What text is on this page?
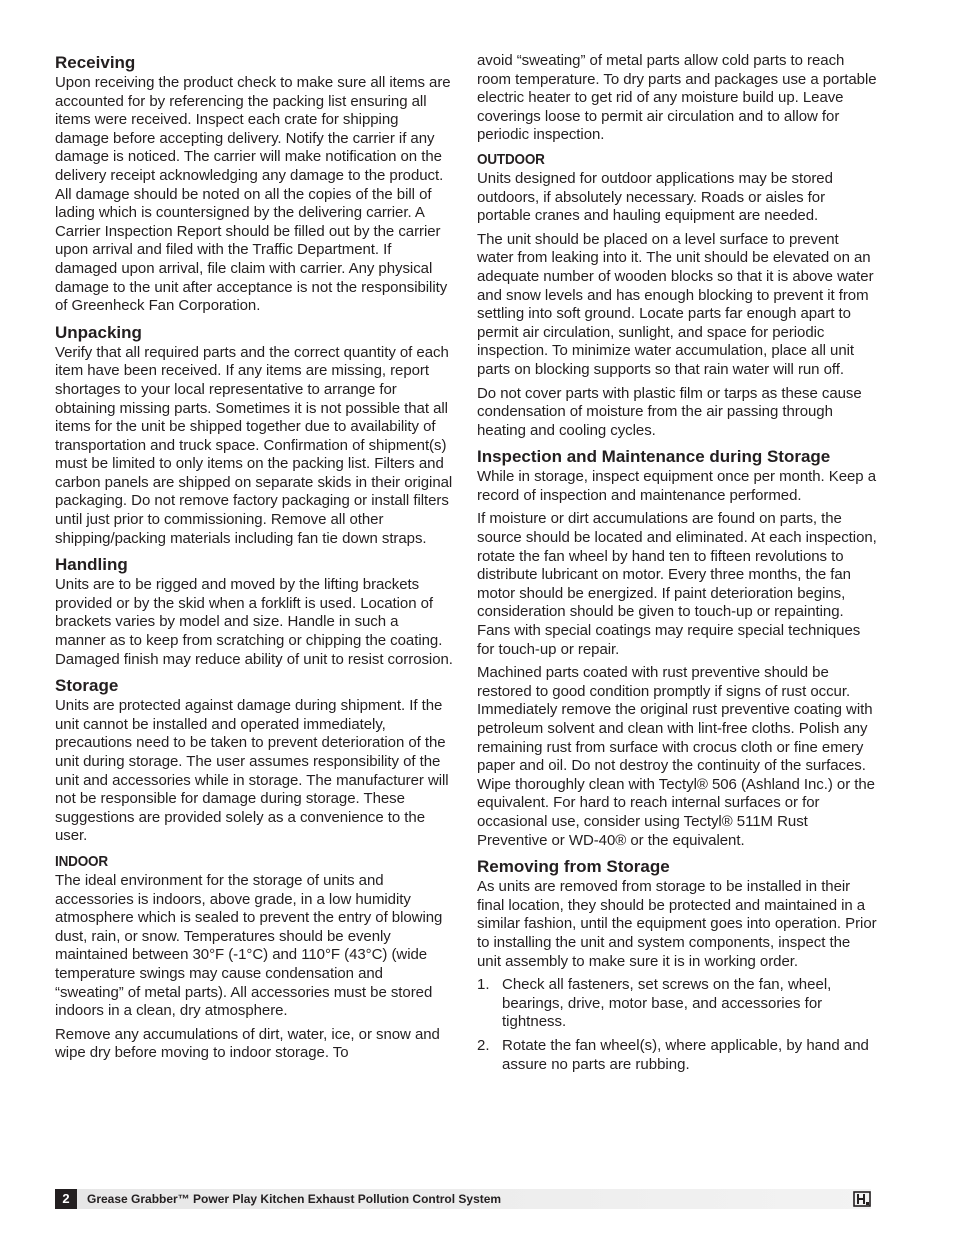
Receiving

Upon receiving the product check to make sure all items are accounted for by referencing the packing list ensuring all items were received. Inspect each crate for shipping damage before accepting delivery. Notify the carrier if any damage is noticed. The carrier will make notification on the delivery receipt acknowledging any damage to the product. All damage should be noted on all the copies of the bill of lading which is countersigned by the delivering carrier. A Carrier Inspection Report should be filled out by the carrier upon arrival and filed with the Traffic Department. If damaged upon arrival, file claim with carrier. Any physical damage to the unit after acceptance is not the responsibility of Greenheck Fan Corporation.

Unpacking

Verify that all required parts and the correct quantity of each item have been received. If any items are missing, report shortages to your local representative to arrange for obtaining missing parts. Sometimes it is not possible that all items for the unit be shipped together due to availability of transportation and truck space. Confirmation of shipment(s) must be limited to only items on the packing list. Filters and carbon panels are shipped on separate skids in their original packaging. Do not remove factory packaging or install filters until just prior to commissioning. Remove all other shipping/packing materials including fan tie down straps.

Handling

Units are to be rigged and moved by the lifting brackets provided or by the skid when a forklift is used. Location of brackets varies by model and size. Handle in such a manner as to keep from scratching or chipping the coating. Damaged finish may reduce ability of unit to resist corrosion.

Storage

Units are protected against damage during shipment. If the unit cannot be installed and operated immediately, precautions need to be taken to prevent deterioration of the unit during storage. The user assumes responsibility of the unit and accessories while in storage. The manufacturer will not be responsible for damage during storage. These suggestions are provided solely as a convenience to the user.

INDOOR

The ideal environment for the storage of units and accessories is indoors, above grade, in a low humidity atmosphere which is sealed to prevent the entry of blowing dust, rain, or snow. Temperatures should be evenly maintained between 30°F (-1°C) and 110°F (43°C) (wide temperature swings may cause condensation and “sweating” of metal parts). All accessories must be stored indoors in a clean, dry atmosphere.

Remove any accumulations of dirt, water, ice, or snow and wipe dry before moving to indoor storage. To

avoid “sweating” of metal parts allow cold parts to reach room temperature. To dry parts and packages use a portable electric heater to get rid of any moisture build up. Leave coverings loose to permit air circulation and to allow for periodic inspection.

OUTDOOR

Units designed for outdoor applications may be stored outdoors, if absolutely necessary. Roads or aisles for portable cranes and hauling equipment are needed.

The unit should be placed on a level surface to prevent water from leaking into it. The unit should be elevated on an adequate number of wooden blocks so that it is above water and snow levels and has enough blocking to prevent it from settling into soft ground. Locate parts far enough apart to permit air circulation, sunlight, and space for periodic inspection. To minimize water accumulation, place all unit parts on blocking supports so that rain water will run off.

Do not cover parts with plastic film or tarps as these cause condensation of moisture from the air passing through heating and cooling cycles.

Inspection and Maintenance during Storage

While in storage, inspect equipment once per month. Keep a record of inspection and maintenance performed.

If moisture or dirt accumulations are found on parts, the source should be located and eliminated. At each inspection, rotate the fan wheel by hand ten to fifteen revolutions to distribute lubricant on motor. Every three months, the fan motor should be energized. If paint deterioration begins, consideration should be given to touch-up or repainting. Fans with special coatings may require special techniques for touch-up or repair.

Machined parts coated with rust preventive should be restored to good condition promptly if signs of rust occur. Immediately remove the original rust preventive coating with petroleum solvent and clean with lint-free cloths. Polish any remaining rust from surface with crocus cloth or fine emery paper and oil. Do not destroy the continuity of the surfaces. Wipe thoroughly clean with Tectyl® 506 (Ashland Inc.) or the equivalent. For hard to reach internal surfaces or for occasional use, consider using Tectyl® 511M Rust Preventive or WD-40® or the equivalent.

Removing from Storage

As units are removed from storage to be installed in their final location, they should be protected and maintained in a similar fashion, until the equipment goes into operation. Prior to installing the unit and system components, inspect the unit assembly to make sure it is in working order.

1. Check all fasteners, set screws on the fan, wheel, bearings, drive, motor base, and accessories for tightness.
2. Rotate the fan wheel(s), where applicable, by hand and assure no parts are rubbing.
2	Grease Grabber™ Power Play Kitchen Exhaust Pollution Control System
